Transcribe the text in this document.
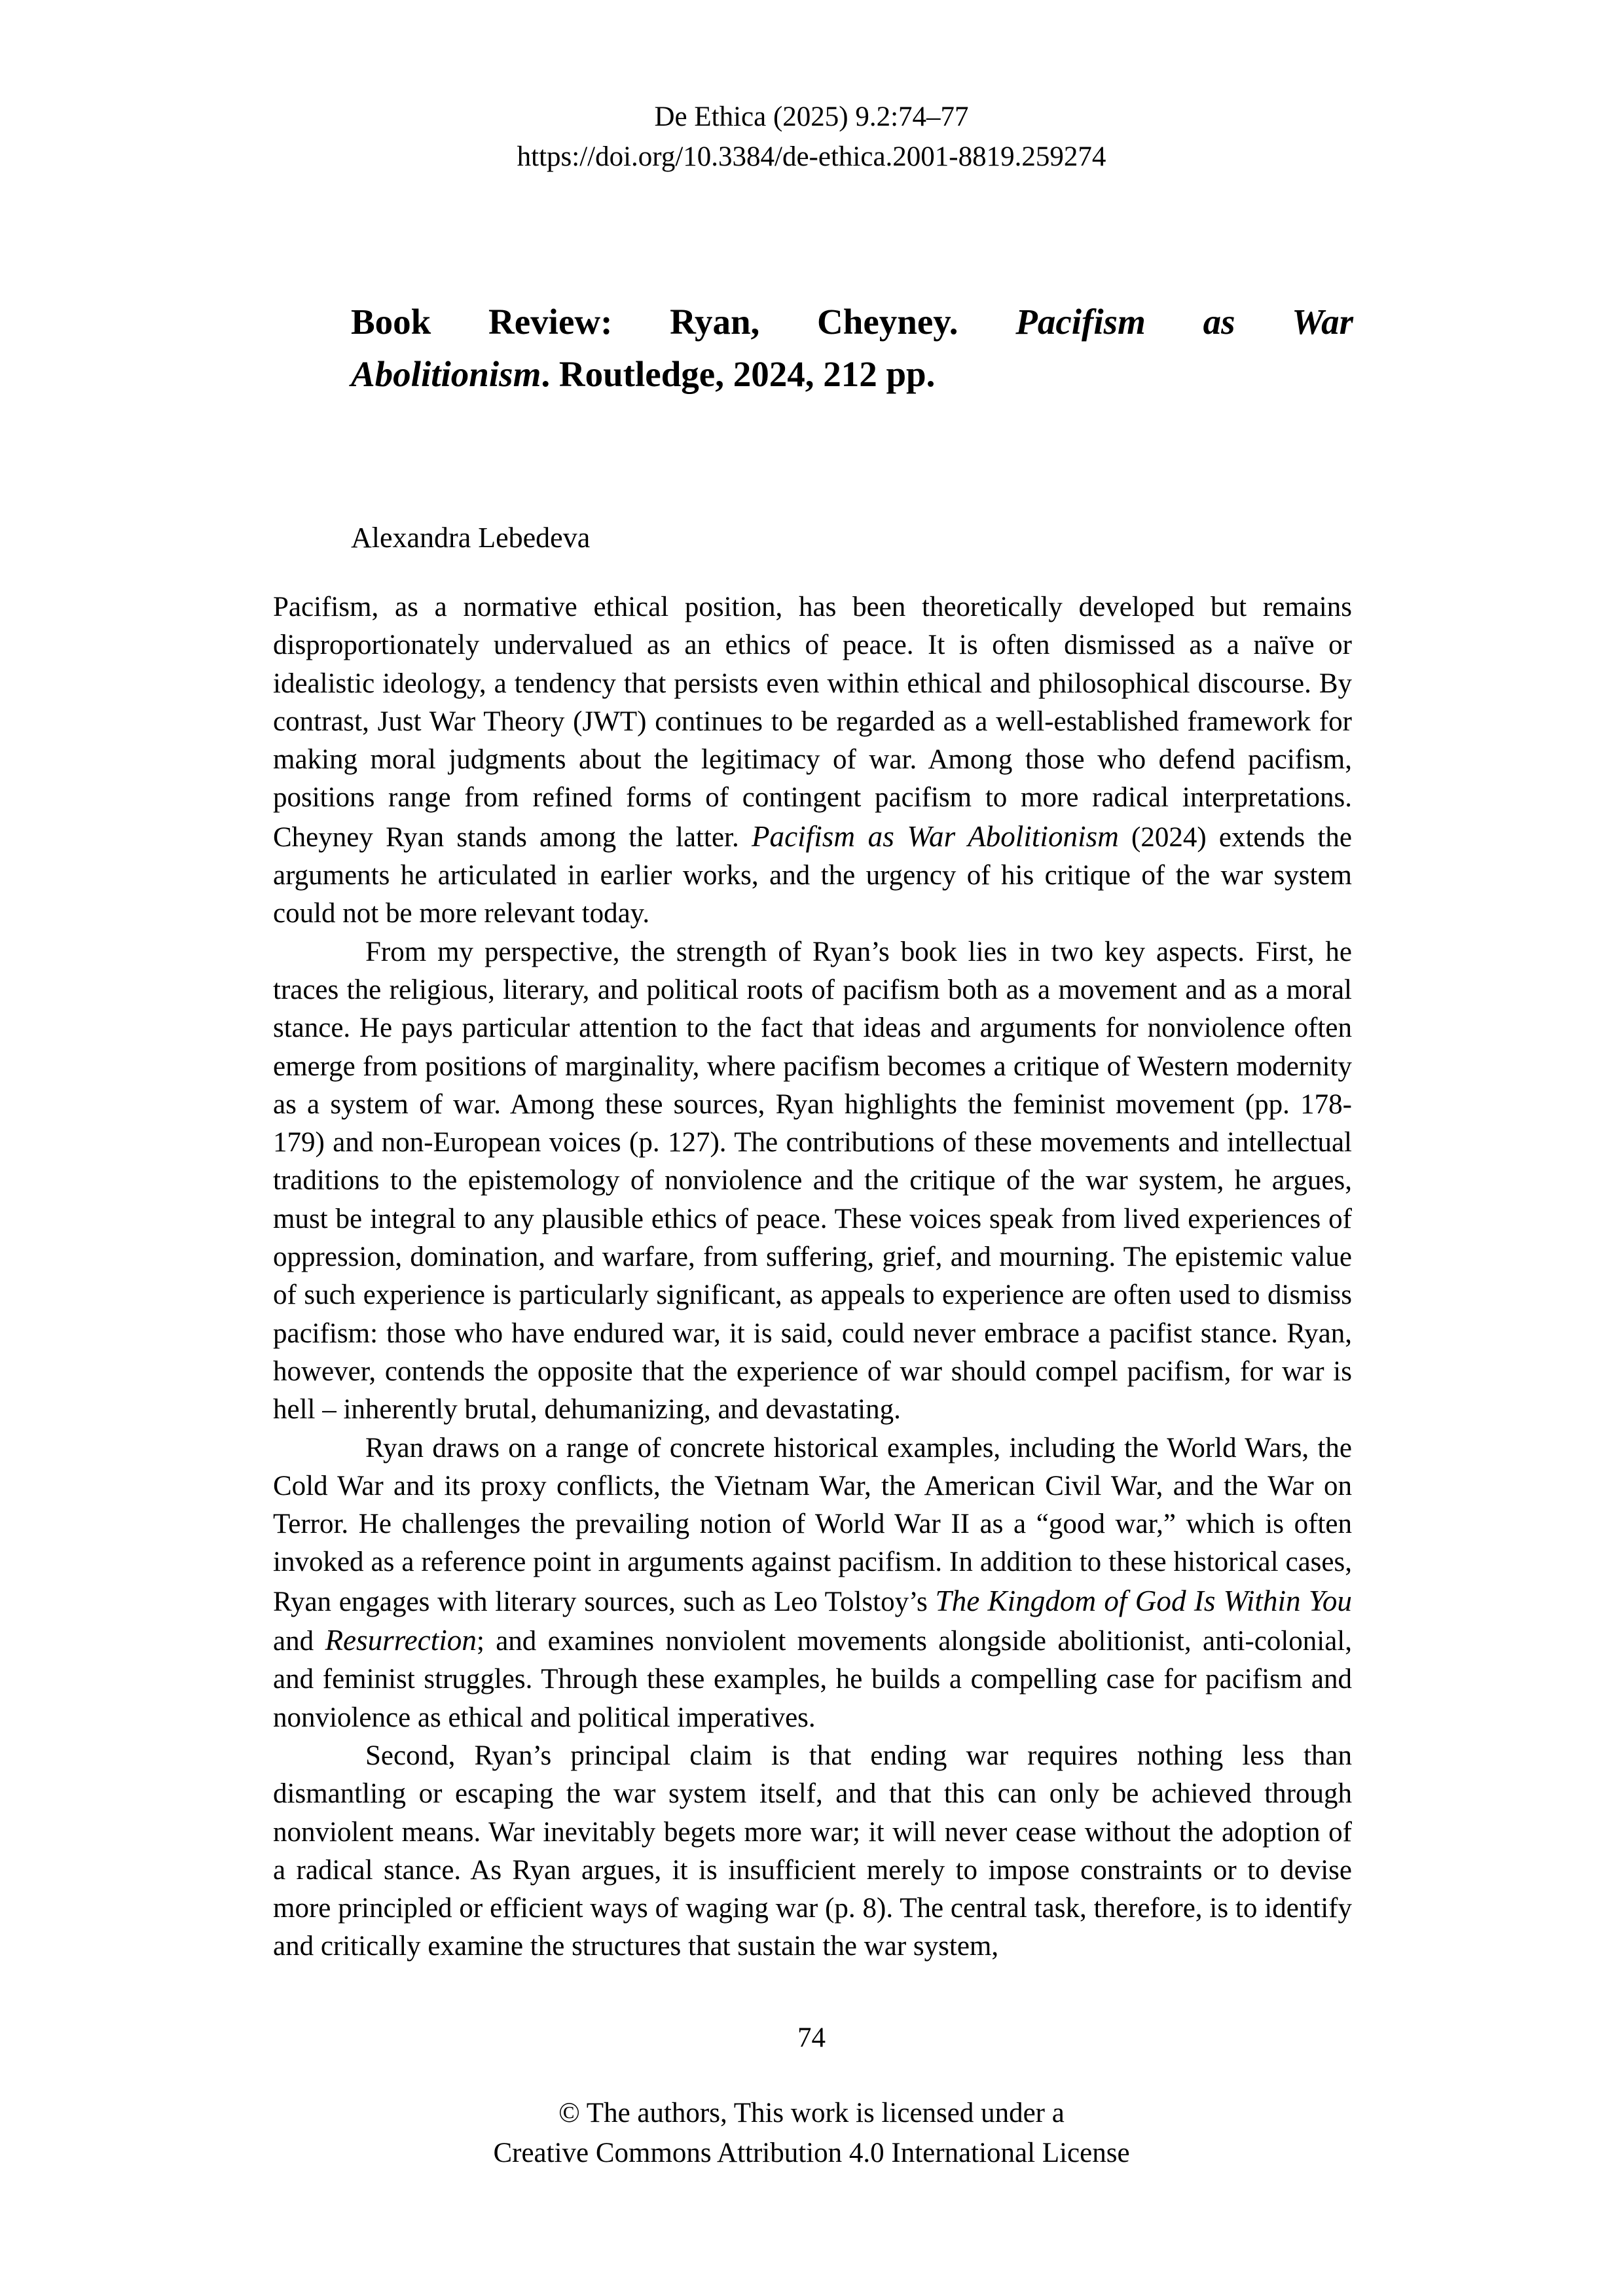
De Ethica (2025) 9.2:74–77
https://doi.org/10.3384/de-ethica.2001-8819.259274
Book Review: Ryan, Cheyney. Pacifism as War
Abolitionism. Routledge, 2024, 212 pp.
Alexandra Lebedeva

Pacifism, as a normative ethical position, has been theoretically developed but remains disproportionately undervalued as an ethics of peace. It is often dismissed as a naïve or idealistic ideology, a tendency that persists even within ethical and philosophical discourse. By contrast, Just War Theory (JWT) continues to be regarded as a well-established framework for making moral judgments about the legitimacy of war. Among those who defend pacifism, positions range from refined forms of contingent pacifism to more radical interpretations. Cheyney Ryan stands among the latter. Pacifism as War Abolitionism (2024) extends the arguments he articulated in earlier works, and the urgency of his critique of the war system could not be more relevant today.

From my perspective, the strength of Ryan’s book lies in two key aspects. First, he traces the religious, literary, and political roots of pacifism both as a movement and as a moral stance. He pays particular attention to the fact that ideas and arguments for nonviolence often emerge from positions of marginality, where pacifism becomes a critique of Western modernity as a system of war. Among these sources, Ryan highlights the feminist movement (pp. 178-179) and non-European voices (p. 127). The contributions of these movements and intellectual traditions to the epistemology of nonviolence and the critique of the war system, he argues, must be integral to any plausible ethics of peace. These voices speak from lived experiences of oppression, domination, and warfare, from suffering, grief, and mourning. The epistemic value of such experience is particularly significant, as appeals to experience are often used to dismiss pacifism: those who have endured war, it is said, could never embrace a pacifist stance. Ryan, however, contends the opposite that the experience of war should compel pacifism, for war is hell – inherently brutal, dehumanizing, and devastating.

Ryan draws on a range of concrete historical examples, including the World Wars, the Cold War and its proxy conflicts, the Vietnam War, the American Civil War, and the War on Terror. He challenges the prevailing notion of World War II as a “good war,” which is often invoked as a reference point in arguments against pacifism. In addition to these historical cases, Ryan engages with literary sources, such as Leo Tolstoy’s The Kingdom of God Is Within You and Resurrection; and examines nonviolent movements alongside abolitionist, anti-colonial, and feminist struggles. Through these examples, he builds a compelling case for pacifism and nonviolence as ethical and political imperatives.

Second, Ryan’s principal claim is that ending war requires nothing less than dismantling or escaping the war system itself, and that this can only be achieved through nonviolent means. War inevitably begets more war; it will never cease without the adoption of a radical stance. As Ryan argues, it is insufficient merely to impose constraints or to devise more principled or efficient ways of waging war (p. 8). The central task, therefore, is to identify and critically examine the structures that sustain the war system,

74
© The authors, This work is licensed under a
Creative Commons Attribution 4.0 International License
